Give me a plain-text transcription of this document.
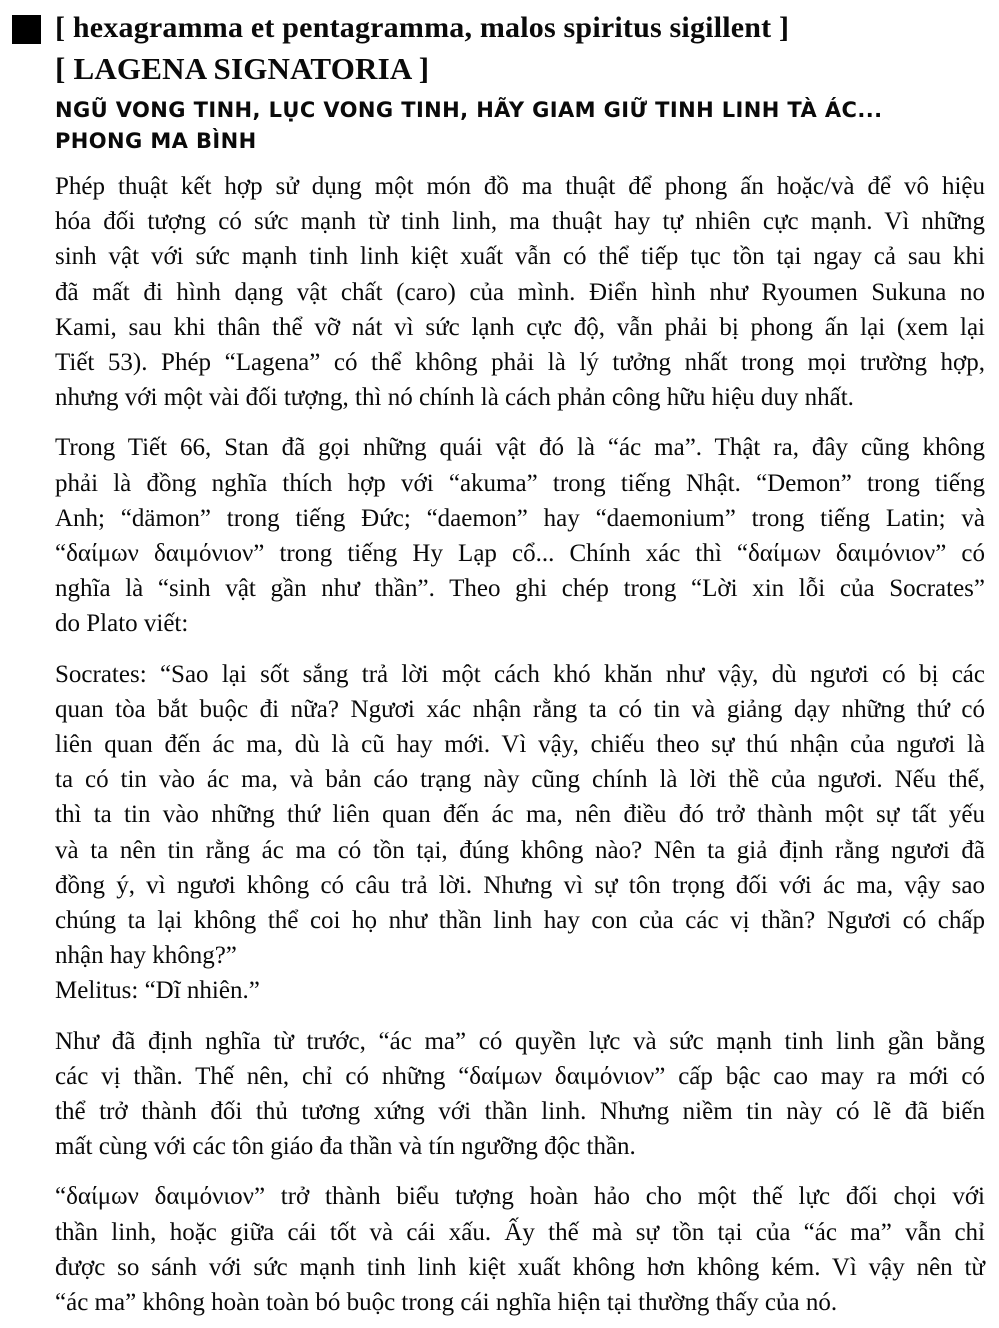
[ hexagramma et pentagramma, malos spiritus sigillent ]
[ LAGENA SIGNATORIA ]
NGŨ VONG TINH, LỤC VONG TINH, HÃY GIAM GIỮ TINH LINH TÀ ÁC...
PHONG MA BÌNH
Phép thuật kết hợp sử dụng một món đồ ma thuật để phong ấn hoặc/và để vô hiệu
hóa đối tượng có sức mạnh từ tinh linh, ma thuật hay tự nhiên cực mạnh. Vì những
sinh vật với sức mạnh tinh linh kiệt xuất vẫn có thể tiếp tục tồn tại ngay cả sau khi
đã mất đi hình dạng vật chất (caro) của mình. Điển hình như Ryoumen Sukuna no
Kami, sau khi thân thể vỡ nát vì sức lạnh cực độ, vẫn phải bị phong ấn lại (xem lại
Tiết 53). Phép “Lagena” có thể không phải là lý tưởng nhất trong mọi trường hợp,
nhưng với một vài đối tượng, thì nó chính là cách phản công hữu hiệu duy nhất.
Trong Tiết 66, Stan đã gọi những quái vật đó là “ác ma”. Thật ra, đây cũng không
phải là đồng nghĩa thích hợp với “akuma” trong tiếng Nhật. “Demon” trong tiếng
Anh; “dämon” trong tiếng Đức; “daemon” hay “daemonium” trong tiếng Latin; và
“δαίμων δαιμόνιον” trong tiếng Hy Lạp cổ... Chính xác thì “δαίμων δαιμόνιον” có
nghĩa là “sinh vật gần như thần”. Theo ghi chép trong “Lời xin lỗi của Socrates”
do Plato viết:
Socrates: “Sao lại sốt sắng trả lời một cách khó khăn như vậy, dù ngươi có bị các
quan tòa bắt buộc đi nữa? Ngươi xác nhận rằng ta có tin và giảng dạy những thứ có
liên quan đến ác ma, dù là cũ hay mới. Vì vậy, chiếu theo sự thú nhận của ngươi là
ta có tin vào ác ma, và bản cáo trạng này cũng chính là lời thề của ngươi. Nếu thế,
thì ta tin vào những thứ liên quan đến ác ma, nên điều đó trở thành một sự tất yếu
và ta nên tin rằng ác ma có tồn tại, đúng không nào? Nên ta giả định rằng ngươi đã
đồng ý, vì ngươi không có câu trả lời. Nhưng vì sự tôn trọng đối với ác ma, vậy sao
chúng ta lại không thể coi họ như thần linh hay con của các vị thần? Ngươi có chấp
nhận hay không?”
Melitus: “Dĩ nhiên.”
Như đã định nghĩa từ trước, “ác ma” có quyền lực và sức mạnh tinh linh gần bằng
các vị thần. Thế nên, chỉ có những “δαίμων δαιμόνιον” cấp bậc cao may ra mới có
thể trở thành đối thủ tương xứng với thần linh. Nhưng niềm tin này có lẽ đã biến
mất cùng với các tôn giáo đa thần và tín ngưỡng độc thần.
“δαίμων δαιμόνιον” trở thành biểu tượng hoàn hảo cho một thế lực đối chọi với
thần linh, hoặc giữa cái tốt và cái xấu. Ấy thế mà sự tồn tại của “ác ma” vẫn chỉ
được so sánh với sức mạnh tinh linh kiệt xuất không hơn không kém. Vì vậy nên từ
“ác ma” không hoàn toàn bó buộc trong cái nghĩa hiện tại thường thấy của nó.
